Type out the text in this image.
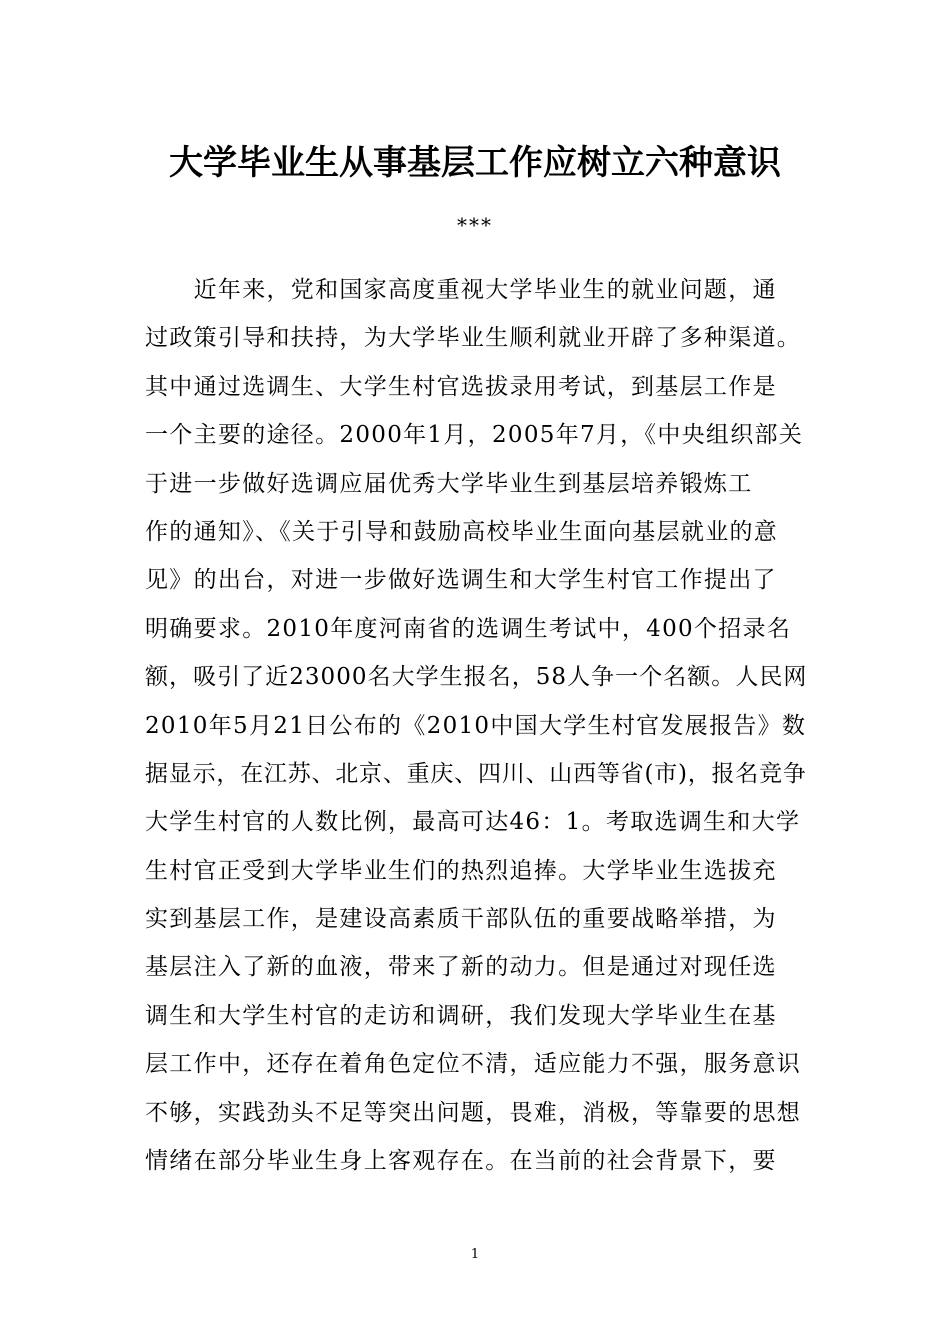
大学毕业生从事基层工作应树立六种意识
***
　　近年来，党和国家高度重视大学毕业生的就业问题，通
过政策引导和扶持，为大学毕业生顺利就业开辟了多种渠道。
其中通过选调生、大学生村官选拔录用考试，到基层工作是
一个主要的途径。2000年1月，2005年7月，《中央组织部关
于进一步做好选调应届优秀大学毕业生到基层培养锻炼工
作的通知》、《关于引导和鼓励高校毕业生面向基层就业的意
见》的出台，对进一步做好选调生和大学生村官工作提出了
明确要求。2010年度河南省的选调生考试中，400个招录名
额，吸引了近23000名大学生报名，58人争一个名额。人民网
2010年5月21日公布的《2010中国大学生村官发展报告》数
据显示，在江苏、北京、重庆、四川、山西等省(市)，报名竞争
大学生村官的人数比例，最高可达46：1。考取选调生和大学
生村官正受到大学毕业生们的热烈追捧。大学毕业生选拔充
实到基层工作，是建设高素质干部队伍的重要战略举措，为
基层注入了新的血液，带来了新的动力。但是通过对现任选
调生和大学生村官的走访和调研，我们发现大学毕业生在基
层工作中，还存在着角色定位不清，适应能力不强，服务意识
不够，实践劲头不足等突出问题，畏难，消极，等靠要的思想
情绪在部分毕业生身上客观存在。在当前的社会背景下，要
1
